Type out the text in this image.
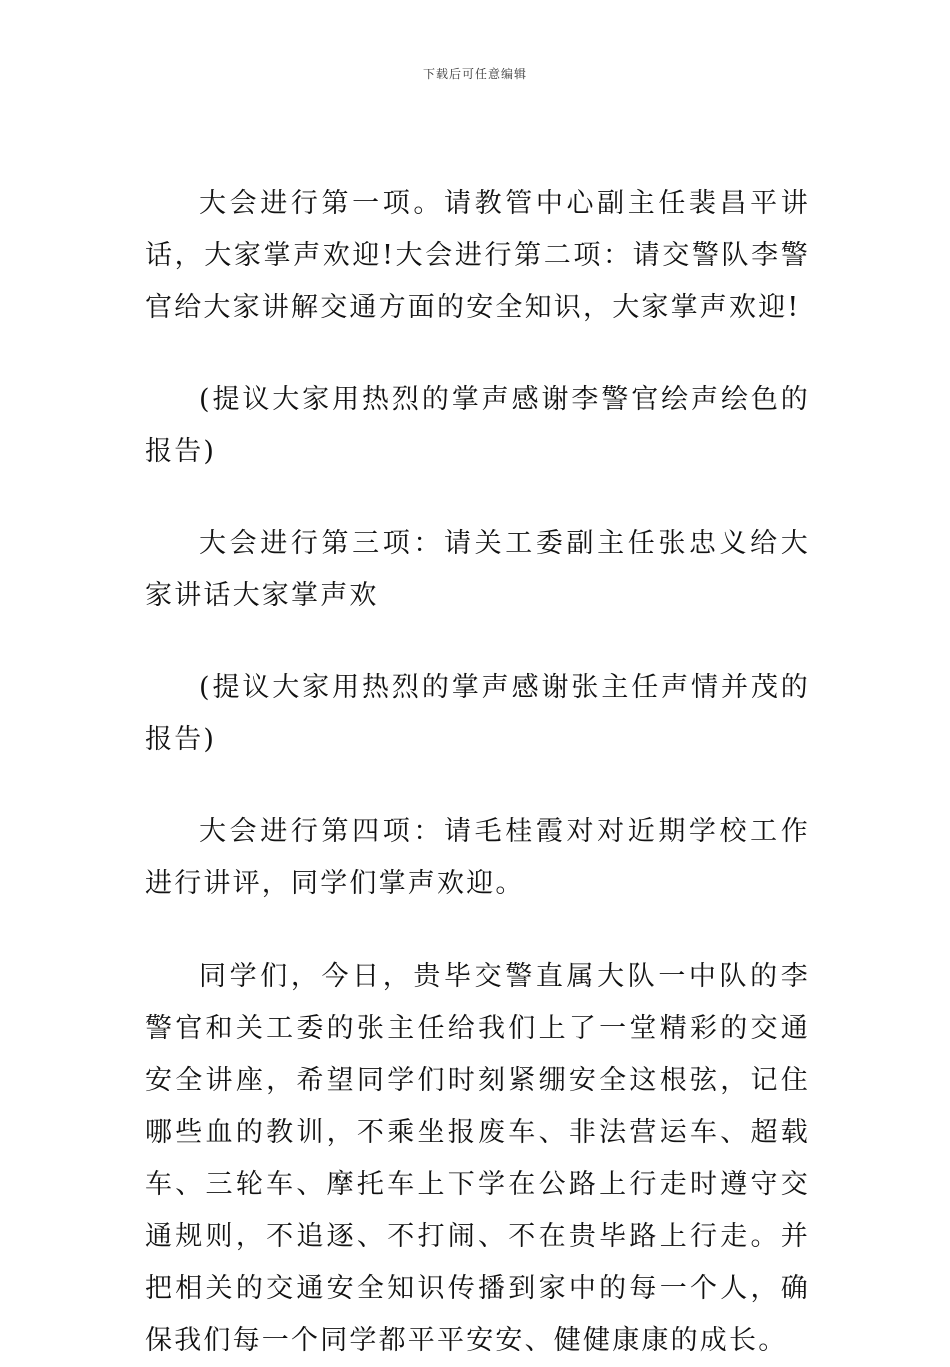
下载后可任意编辑

大会进行第一项。请教管中心副主任裴昌平讲话，大家掌声欢迎!大会进行第二项：请交警队李警官给大家讲解交通方面的安全知识，大家掌声欢迎!

(提议大家用热烈的掌声感谢李警官绘声绘色的报告)

大会进行第三项：请关工委副主任张忠义给大家讲话大家掌声欢

(提议大家用热烈的掌声感谢张主任声情并茂的报告)

大会进行第四项：请毛桂霞对对近期学校工作进行讲评，同学们掌声欢迎。

同学们，今日，贵毕交警直属大队一中队的李警官和关工委的张主任给我们上了一堂精彩的交通安全讲座，希望同学们时刻紧绷安全这根弦，记住哪些血的教训，不乘坐报废车、非法营运车、超载车、三轮车、摩托车上下学在公路上行走时遵守交通规则，不追逐、不打闹、不在贵毕路上行走。并把相关的交通安全知识传播到家中的每一个人，确保我们每一个同学都平平安安、健健康康的成长。
